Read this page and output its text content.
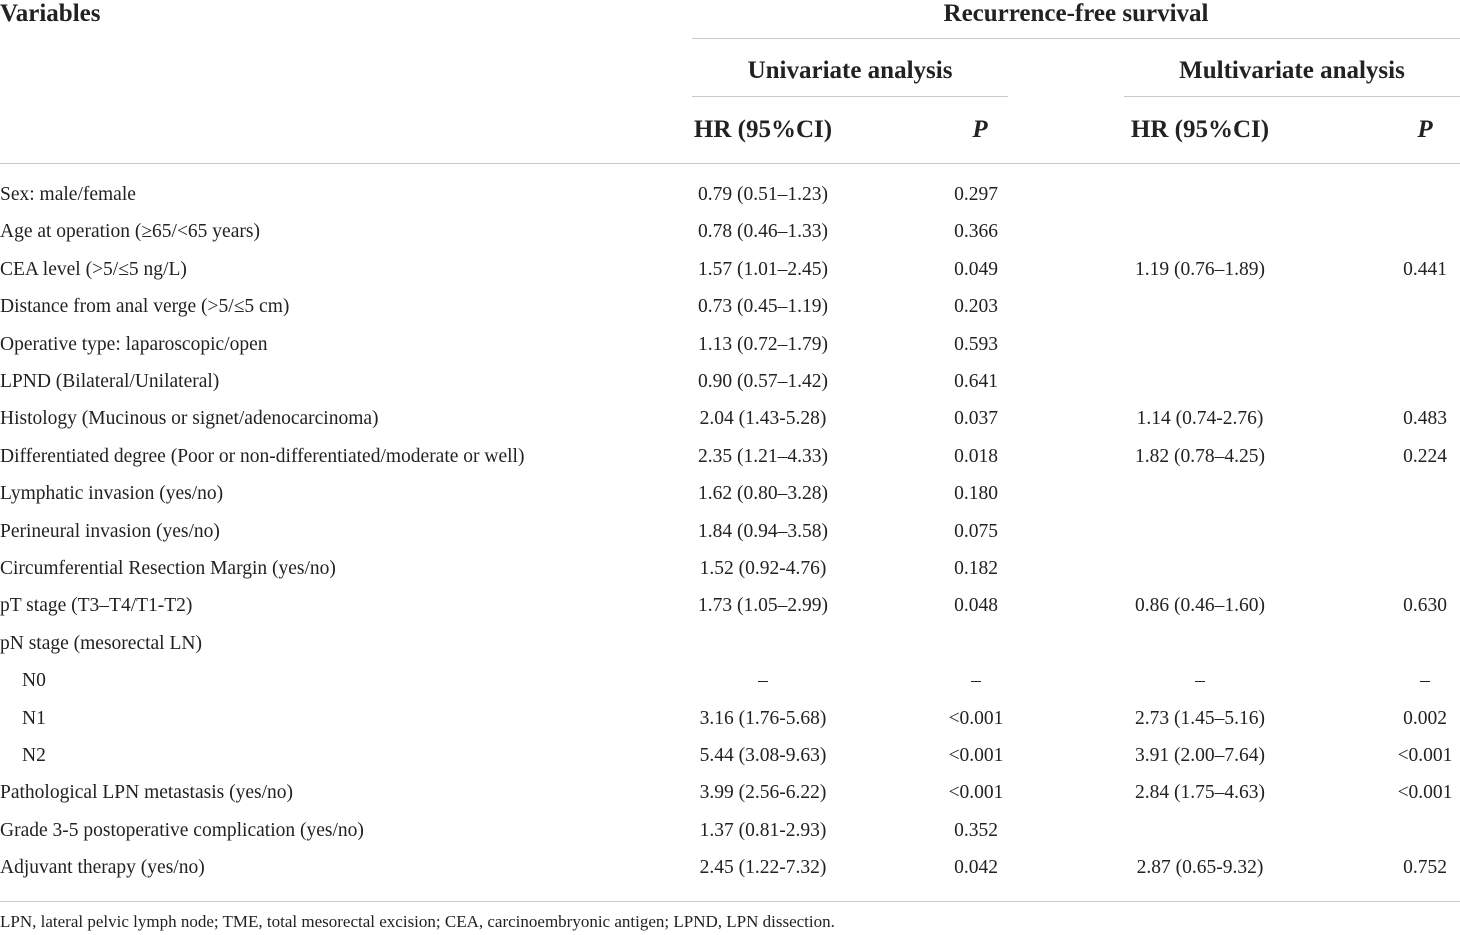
Variables	Recurrence-free survival
Univariate analysis	Multivariate analysis
HR (95%CI)	P	HR (95%CI)	P
Sex: male/female	0.79 (0.51–1.23)	0.297
Age at operation (≥65/<65 years)	0.78 (0.46–1.33)	0.366
CEA level (>5/≤5 ng/L)	1.57 (1.01–2.45)	0.049	1.19 (0.76–1.89)	0.441
Distance from anal verge (>5/≤5 cm)	0.73 (0.45–1.19)	0.203
Operative type: laparoscopic/open	1.13 (0.72–1.79)	0.593
LPND (Bilateral/Unilateral)	0.90 (0.57–1.42)	0.641
Histology (Mucinous or signet/adenocarcinoma)	2.04 (1.43-5.28)	0.037	1.14 (0.74-2.76)	0.483
Differentiated degree (Poor or non-differentiated/moderate or well)	2.35 (1.21–4.33)	0.018	1.82 (0.78–4.25)	0.224
Lymphatic invasion (yes/no)	1.62 (0.80–3.28)	0.180
Perineural invasion (yes/no)	1.84 (0.94–3.58)	0.075
Circumferential Resection Margin (yes/no)	1.52 (0.92-4.76)	0.182
pT stage (T3–T4/T1-T2)	1.73 (1.05–2.99)	0.048	0.86 (0.46–1.60)	0.630
pN stage (mesorectal LN)
N0	–	–	–	–
N1	3.16 (1.76-5.68)	<0.001	2.73 (1.45–5.16)	0.002
N2	5.44 (3.08-9.63)	<0.001	3.91 (2.00–7.64)	<0.001
Pathological LPN metastasis (yes/no)	3.99 (2.56-6.22)	<0.001	2.84 (1.75–4.63)	<0.001
Grade 3-5 postoperative complication (yes/no)	1.37 (0.81-2.93)	0.352
Adjuvant therapy (yes/no)	2.45 (1.22-7.32)	0.042	2.87 (0.65-9.32)	0.752
LPN, lateral pelvic lymph node; TME, total mesorectal excision; CEA, carcinoembryonic antigen; LPND, LPN dissection.
